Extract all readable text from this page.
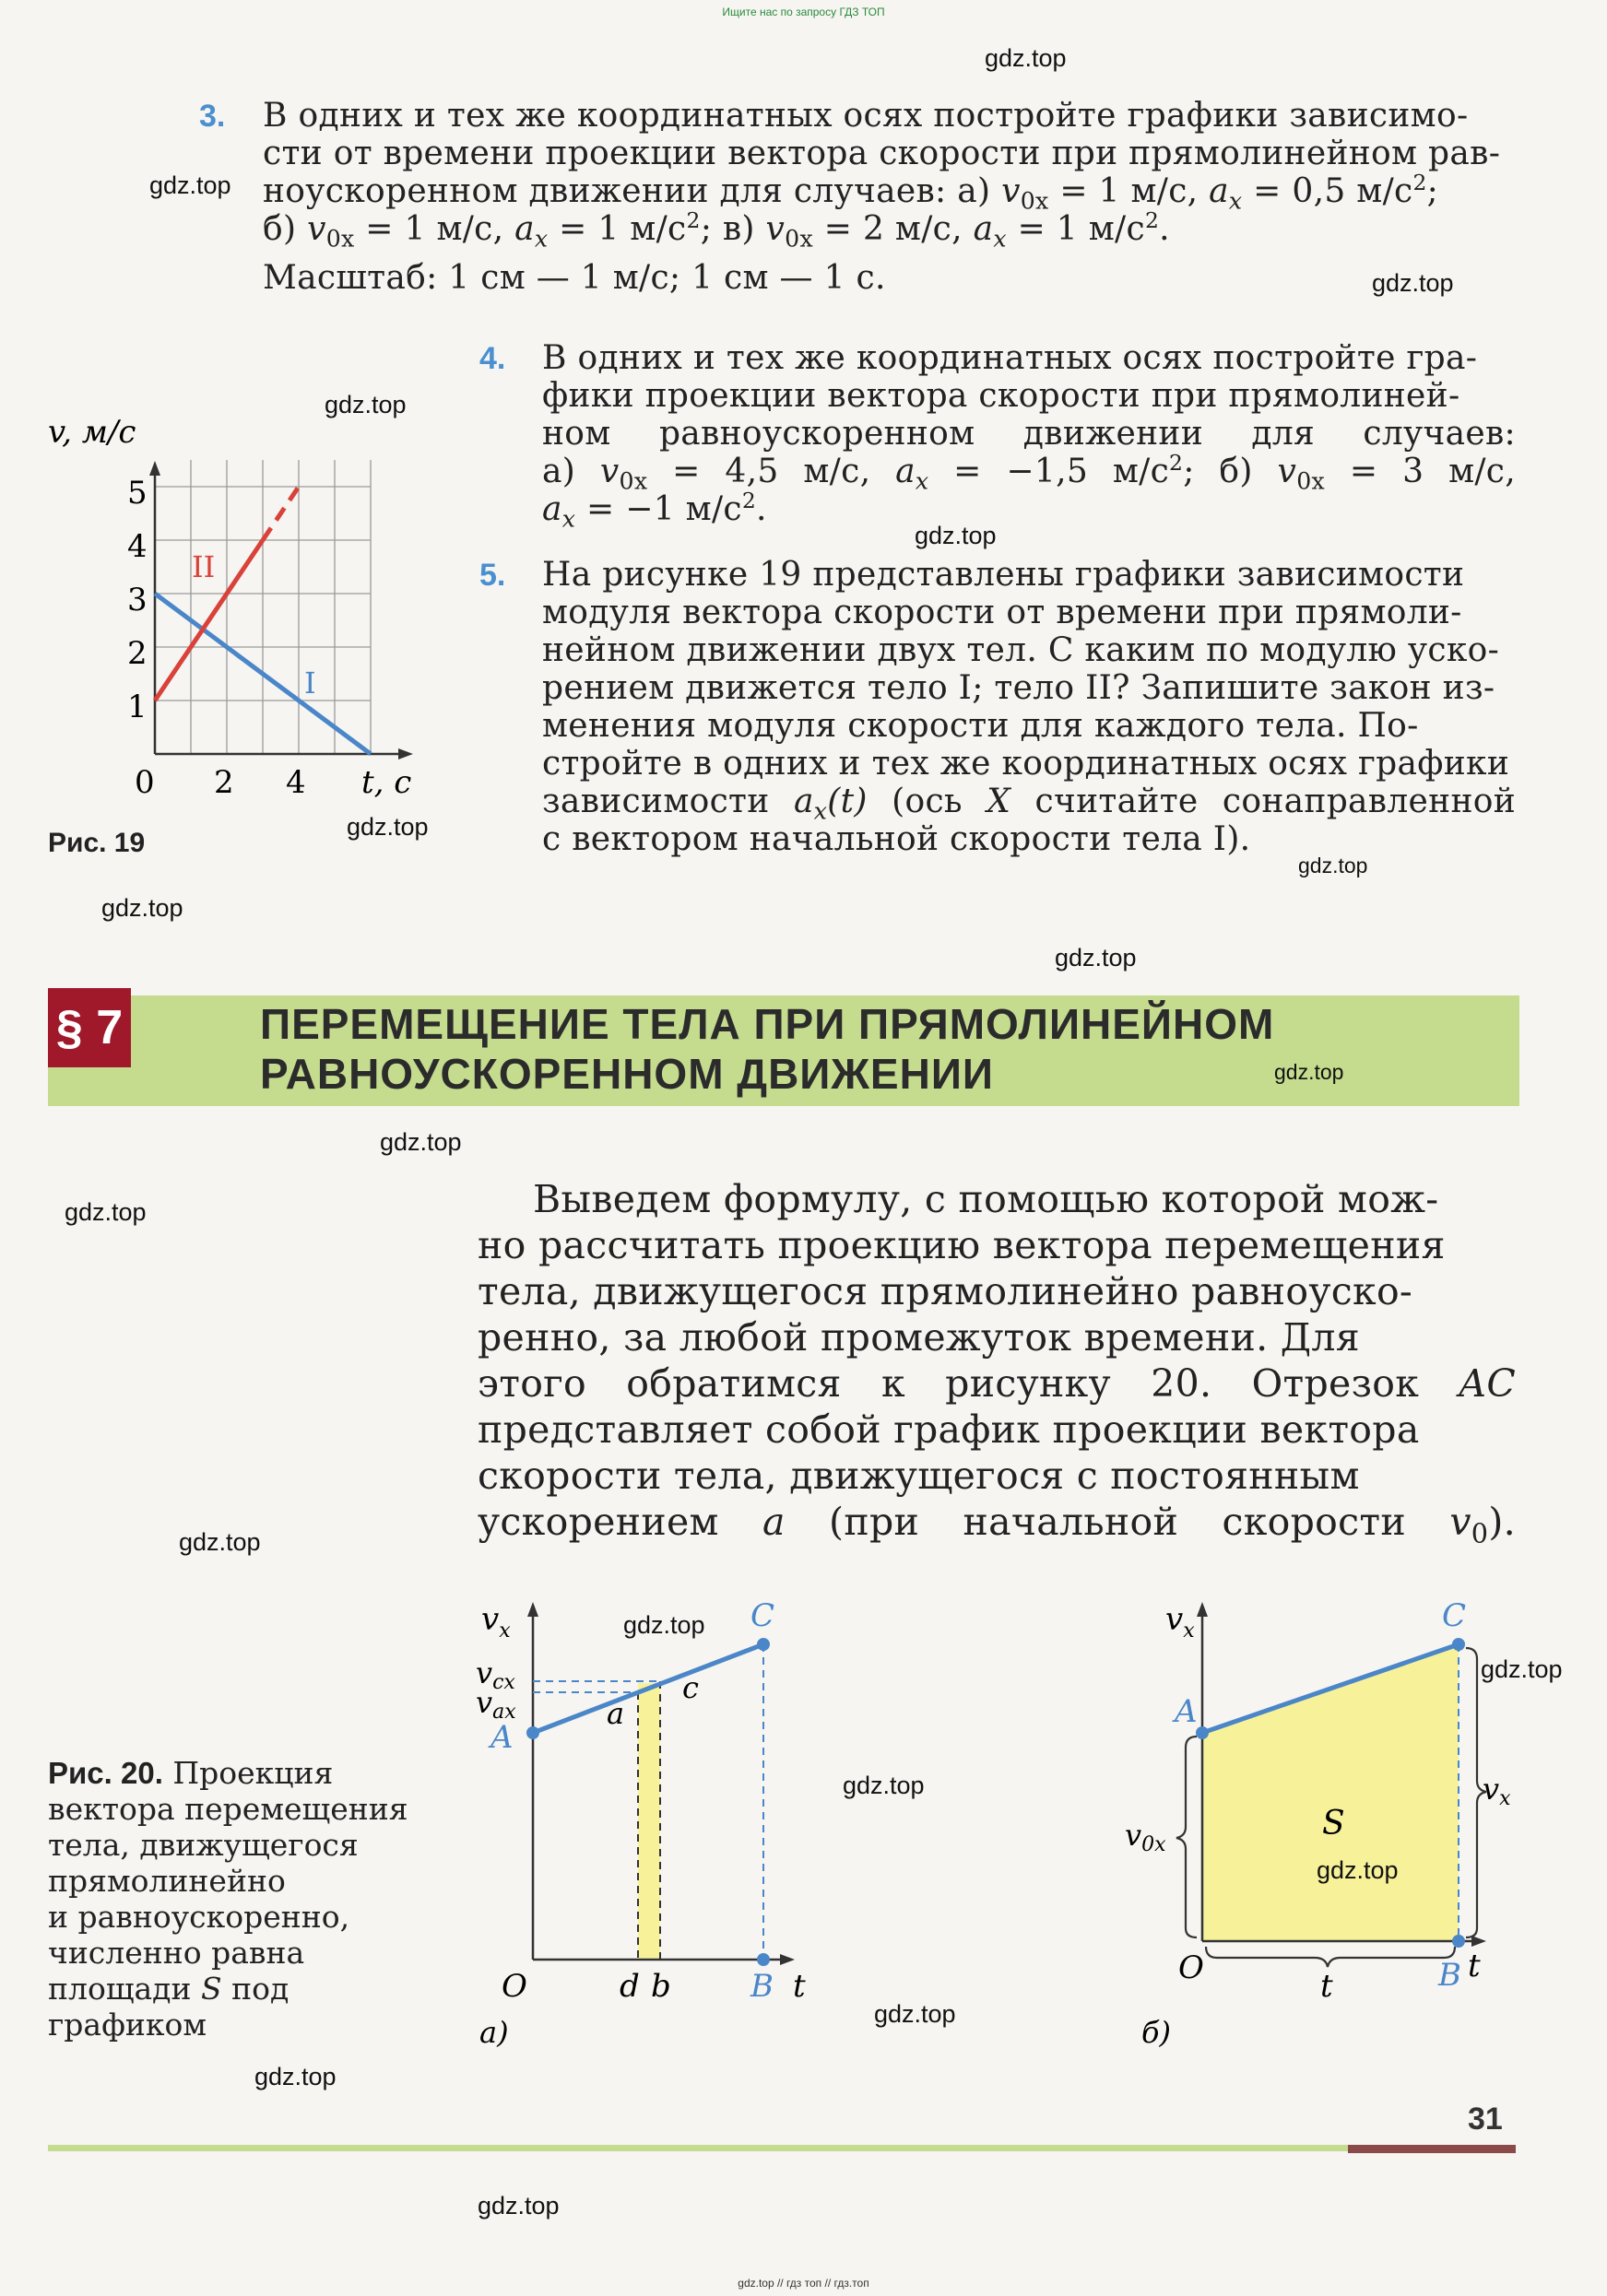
Ищите нас по запросу ГДЗ ТОП
3. В одних и тех же координатных осях постройте графики зависимо-

сти от времени проекции вектора скорости при прямолинейном рав-

ноускоренном движении для случаев: а) $v_{0x} = 1$ м/с, $a_x = 0,5$ $м/с^2$;

б) $v_{0x} = 1$ м/с, $a_x = 1$ $м/с^2$; в) $v_{0x} = 2$ м/с, $a_x = 1$ $м/с^2$.

Масштаб: 1 см — 1 м/с; 1 см — 1 с.

4. В одних и тех же координатных осях постройте гра-

фики проекции вектора скорости при прямолиней-

ном равноускоренном движении для случаев:

а) $v_{0x} = 4,5$ м/с, $a_x = -1,5$ $м/с^2$; б) $v_{0x} = 3$ м/с,

$a_x = -1$ $м/с^2$.

5. На рисунке 19 представлены графики зависимости

модуля вектора скорости от времени при прямоли-

нейном движении двух тел. С каким по модулю уско-

рением движется тело I; тело II? Запишите закон из-

менения модуля скорости для каждого тела. По-

стройте в одних и тех же координатных осях графики

зависимости $a_x(t)$ (ось X считайте сонаправленной

с вектором начальной скорости тела I).

v, м/с
t, с
1
2
3
4
5
0 2 4
I
II
Рис. 19
§ 7	ПЕРЕМЕЩЕНИЕ ТЕЛА ПРИ ПРЯМОЛИНЕЙНОМ
РАВНОУСКОРЕННОМ ДВИЖЕНИИ

Выведем формулу, с помощью которой мож-

но рассчитать проекцию вектора перемещения

тела, движущегося прямолинейно равноуско-

ренно, за любой промежуток времени. Для

этого обратимся к рисунку 20. Отрезок AC

представляет собой график проекции вектора

скорости тела, движущегося с постоянным

ускорением a (при начальной скорости $v_0$).

Рис. 20. Проекция
вектора перемещения
тела, движущегося
прямолинейно
и равноускоренно,
численно равна
площади S под
графиком
$v_x$
vcx
vax
A
C
a
c
O	d b	B t
а)
$v_x$
A
C
v0x
vx
S
O	B t
t
б)
31
gdz.top // гдз топ // гдз.топ
gdz.top
gdz.top
gdz.top
gdz.top
gdz.top
gdz.top
gdz.top
gdz.top
gdz.top
gdz.top
gdz.top
gdz.top
gdz.top
gdz.top
gdz.top
gdz.top
gdz.top
gdz.top
gdz.top
gdz.top
